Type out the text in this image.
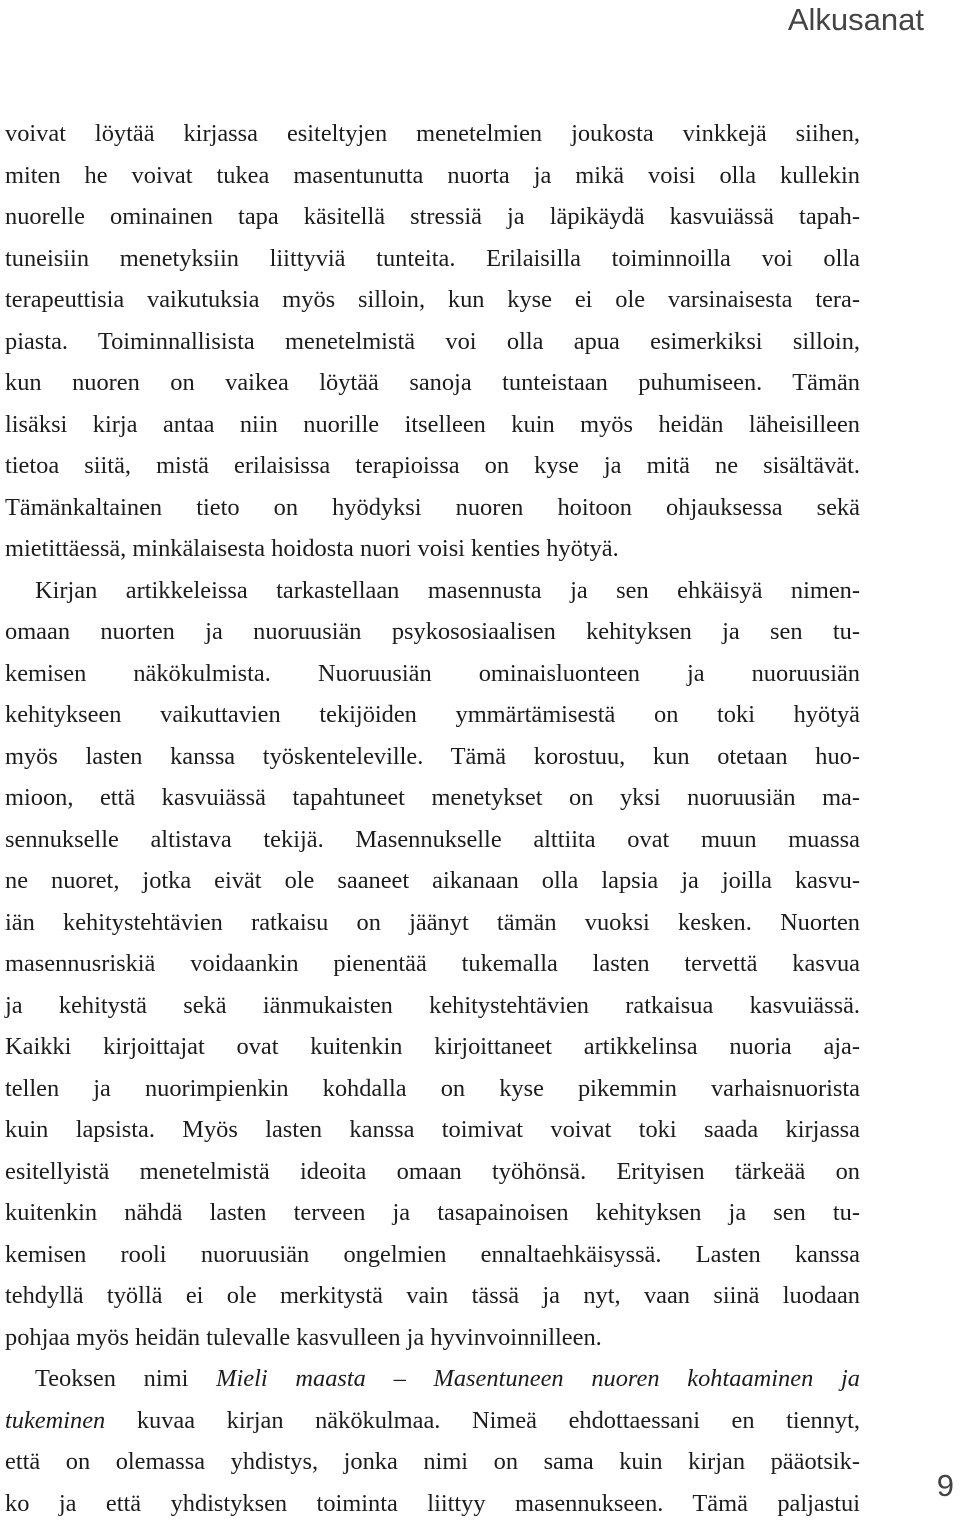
Alkusanat
voivat löytää kirjassa esiteltyjen menetelmien joukosta vinkkejä siihen,
miten he voivat tukea masentunutta nuorta ja mikä voisi olla kullekin
nuorelle ominainen tapa käsitellä stressiä ja läpikäydä kasvuiässä tapah-
tuneisiin menetyksiin liittyviä tunteita. Erilaisilla toiminnoilla voi olla
terapeuttisia vaikutuksia myös silloin, kun kyse ei ole varsinaisesta tera-
piasta. Toiminnallisista menetelmistä voi olla apua esimerkiksi silloin,
kun nuoren on vaikea löytää sanoja tunteistaan puhumiseen. Tämän
lisäksi kirja antaa niin nuorille itselleen kuin myös heidän läheisilleen
tietoa siitä, mistä erilaisissa terapioissa on kyse ja mitä ne sisältävät.
Tämänkaltainen tieto on hyödyksi nuoren hoitoon ohjauksessa sekä
mietittäessä, minkälaisesta hoidosta nuori voisi kenties hyötyä.
Kirjan artikkeleissa tarkastellaan masennusta ja sen ehkäisyä nimen-
omaan nuorten ja nuoruusiän psykososiaalisen kehityksen ja sen tu-
kemisen näkökulmista. Nuoruusiän ominaisluonteen ja nuoruusiän
kehitykseen vaikuttavien tekijöiden ymmärtämisestä on toki hyötyä
myös lasten kanssa työskenteleville. Tämä korostuu, kun otetaan huo-
mioon, että kasvuiässä tapahtuneet menetykset on yksi nuoruusiän ma-
sennukselle altistava tekijä. Masennukselle alttiita ovat muun muassa
ne nuoret, jotka eivät ole saaneet aikanaan olla lapsia ja joilla kasvu-
iän kehitystehtävien ratkaisu on jäänyt tämän vuoksi kesken. Nuorten
masennusriskiä voidaankin pienentää tukemalla lasten tervettä kasvua
ja kehitystä sekä iänmukaisten kehitystehtävien ratkaisua kasvuiässä.
Kaikki kirjoittajat ovat kuitenkin kirjoittaneet artikkelinsa nuoria aja-
tellen ja nuorimpienkin kohdalla on kyse pikemmin varhaisnuorista
kuin lapsista. Myös lasten kanssa toimivat voivat toki saada kirjassa
esitellyistä menetelmistä ideoita omaan työhönsä. Erityisen tärkeää on
kuitenkin nähdä lasten terveen ja tasapainoisen kehityksen ja sen tu-
kemisen rooli nuoruusiän ongelmien ennaltaehkäisyssä. Lasten kanssa
tehdyllä työllä ei ole merkitystä vain tässä ja nyt, vaan siinä luodaan
pohjaa myös heidän tulevalle kasvulleen ja hyvinvoinnilleen.
Teoksen nimi Mieli maasta – Masentuneen nuoren kohtaaminen ja
tukeminen kuvaa kirjan näkökulmaa. Nimeä ehdottaessani en tiennyt,
että on olemassa yhdistys, jonka nimi on sama kuin kirjan pääotsik-
ko ja että yhdistyksen toiminta liittyy masennukseen. Tämä paljastui 9
